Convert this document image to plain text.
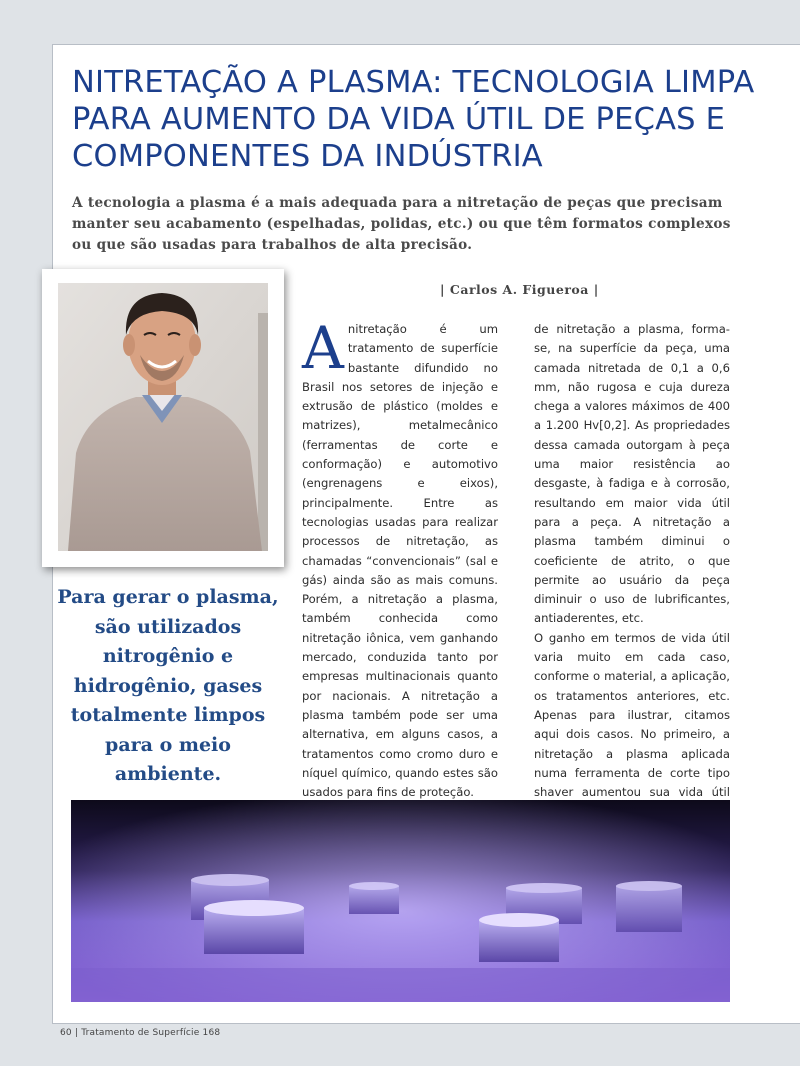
NITRETAÇÃO A PLASMA: TECNOLOGIA LIMPA PARA AUMENTO DA VIDA ÚTIL DE PEÇAS E COMPONENTES DA INDÚSTRIA

A tecnologia a plasma é a mais adequada para a nitretação de peças que precisam manter seu acabamento (espelhadas, polidas, etc.) ou que têm formatos complexos ou que são usadas para trabalhos de alta precisão.

Para gerar o plasma, são utilizados nitrogênio e hidrogênio, gases totalmente limpos para o meio ambiente.

| Carlos A. Figueroa |
A nitretação é um tratamento de superfície bastante difundido no Brasil nos setores de injeção e extrusão de plástico (moldes e matrizes), metalmecânico (ferramentas de corte e conformação) e automotivo (engrenagens e eixos), principalmente. Entre as tecnologias usadas para realizar processos de nitretação, as chamadas “convencionais” (sal e gás) ainda são as mais comuns. Porém, a nitretação a plasma, também conhecida como nitretação iônica, vem ganhando mercado, conduzida tanto por empresas multinacionais quanto por nacionais. A nitretação a plasma também pode ser uma alternativa, em alguns casos, a tratamentos como cromo duro e níquel químico, quando estes são usados para fins de proteção.

de nitretação a plasma, forma-se, na superfície da peça, uma camada nitretada de 0,1 a 0,6 mm, não rugosa e cuja dureza chega a valores máximos de 400 a 1.200 Hv[0,2]. As propriedades dessa camada outorgam à peça uma maior resistência ao desgaste, à fadiga e à corrosão, resultando em maior vida útil para a peça. A nitretação a plasma também diminui o coeficiente de atrito, o que permite ao usuário da peça diminuir o uso de lubrificantes, antiaderentes, etc.

O ganho em termos de vida útil varia muito em cada caso, conforme o material, a aplicação, os tratamentos anteriores, etc. Apenas para ilustrar, citamos aqui dois casos. No primeiro, a nitretação a plasma aplicada numa ferramenta de corte tipo shaver aumentou sua vida útil

60 | Tratamento de Superfície 168
